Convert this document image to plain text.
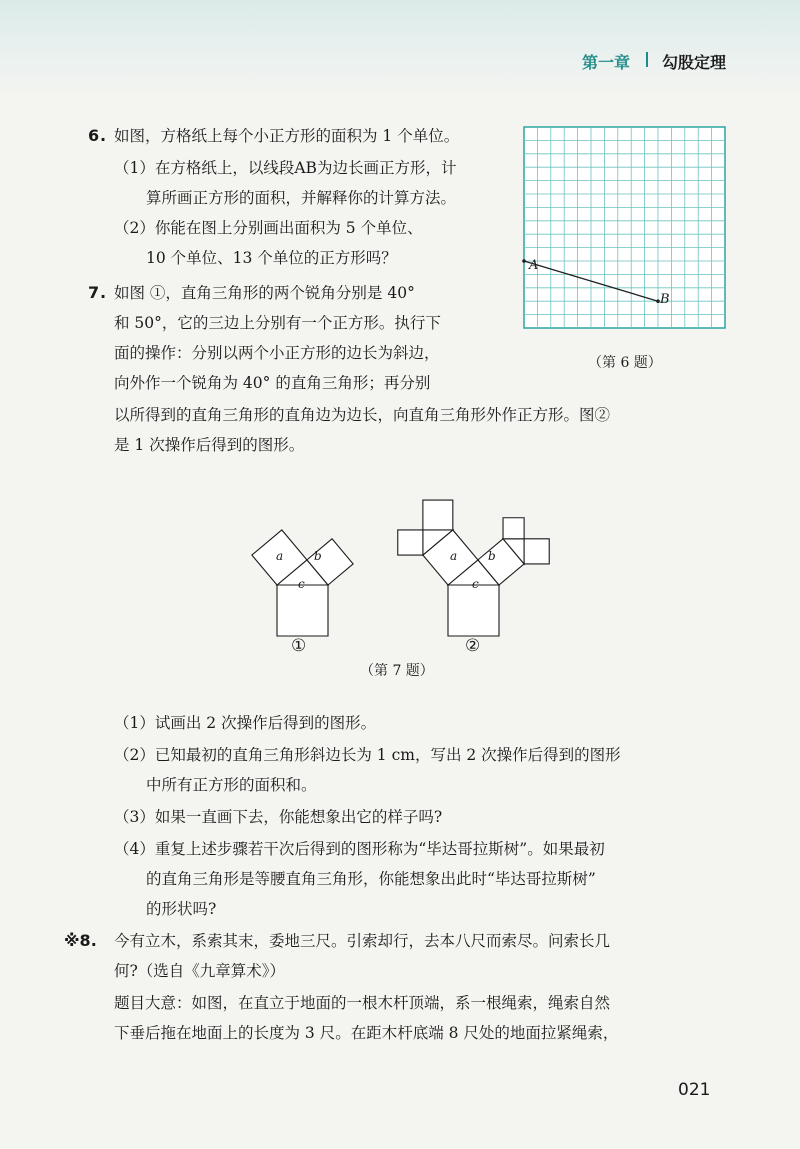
第一章 勾股定理
6 . 如图，方格纸上每个小正方形的面积为 1 个单位。
（1）在方格纸上，以线段AB为边长画正方形，计
算所画正方形的面积，并解释你的计算方法。
（2）你能在图上分别画出面积为 5 个单位、
10 个单位、13 个单位的正方形吗？	A
B
（第 6 题）
7 . 如图 ①，直角三角形的两个锐角分别是 40°
和 50°，它的三边上分别有一个正方形。执行下
面的操作：分别以两个小正方形的边长为斜边，
向外作一个锐角为 40° 的直角三角形；再分别
以所得到的直角三角形的直角边为边长，向直角三角形外作正方形。图②
是 1 次操作后得到的图形。
a	b
c
a	b
c
①	②
（第 7 题）
（1）试画出 2 次操作后得到的图形。
（2）已知最初的直角三角形斜边长为 1 cm，写出 2 次操作后得到的图形
中所有正方形的面积和。
（3）如果一直画下去，你能想象出它的样子吗?
（4）重复上述步骤若干次后得到的图形称为“毕达哥拉斯树”。如果最初
的直角三角形是等腰直角三角形，你能想象出此时“毕达哥拉斯树”
的形状吗?
※8. 今有立木，系索其末，委地三尺。引索却行，去本八尺而索尽。问索长几
何?（选自《九章算术》）
题目大意：如图，在直立于地面的一根木杆顶端，系一根绳索，绳索自然
下垂后拖在地面上的长度为 3 尺。在距木杆底端 8 尺处的地面拉紧绳索，
021
